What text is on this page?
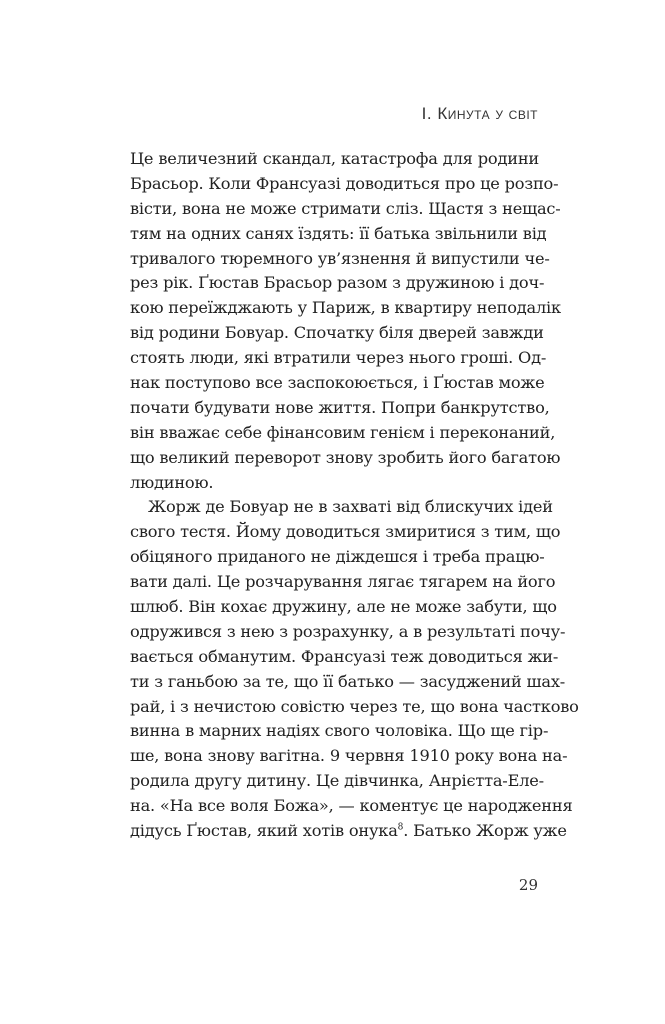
I. Кинута у світ
Це величезний скандал, катастрофа для родини
Брасьор. Коли Франсуазі доводиться про це розпо-
вісти, вона не може стримати сліз. Щастя з нещас-
тям на одних санях їздять: її батька звільнили від
тривалого тюремного ув’язнення й випустили че-
рез рік. Ґюстав Брасьор разом з дружиною і доч-
кою переїжджають у Париж, в квартиру неподалік
від родини Бовуар. Спочатку біля дверей завжди
стоять люди, які втратили через нього гроші. Од-
нак поступово все заспокоюється, і Ґюстав може
почати будувати нове життя. Попри банкрутство,
він вважає себе фінансовим генієм і переконаний,
що великий переворот знову зробить його багатою
людиною.
Жорж де Бовуар не в захваті від блискучих ідей
свого тестя. Йому доводиться змиритися з тим, що
обіцяного приданого не діждешся і треба працю-
вати далі. Це розчарування лягає тягарем на його
шлюб. Він кохає дружину, але не може забути, що
одружився з нею з розрахунку, а в результаті почу-
вається обманутим. Франсуазі теж доводиться жи-
ти з ганьбою за те, що її батько — засуджений шах-
рай, і з нечистою совістю через те, що вона частково
винна в марних надіях свого чоловіка. Що ще гір-
ше, вона знову вагітна. 9 червня 1910 року вона на-
родила другу дитину. Це дівчинка, Анрієтта-Еле-
на. «На все воля Божа», — коментує це народження
дідусь Ґюстав, який хотів онука$^8$. Батько Жорж уже
29
